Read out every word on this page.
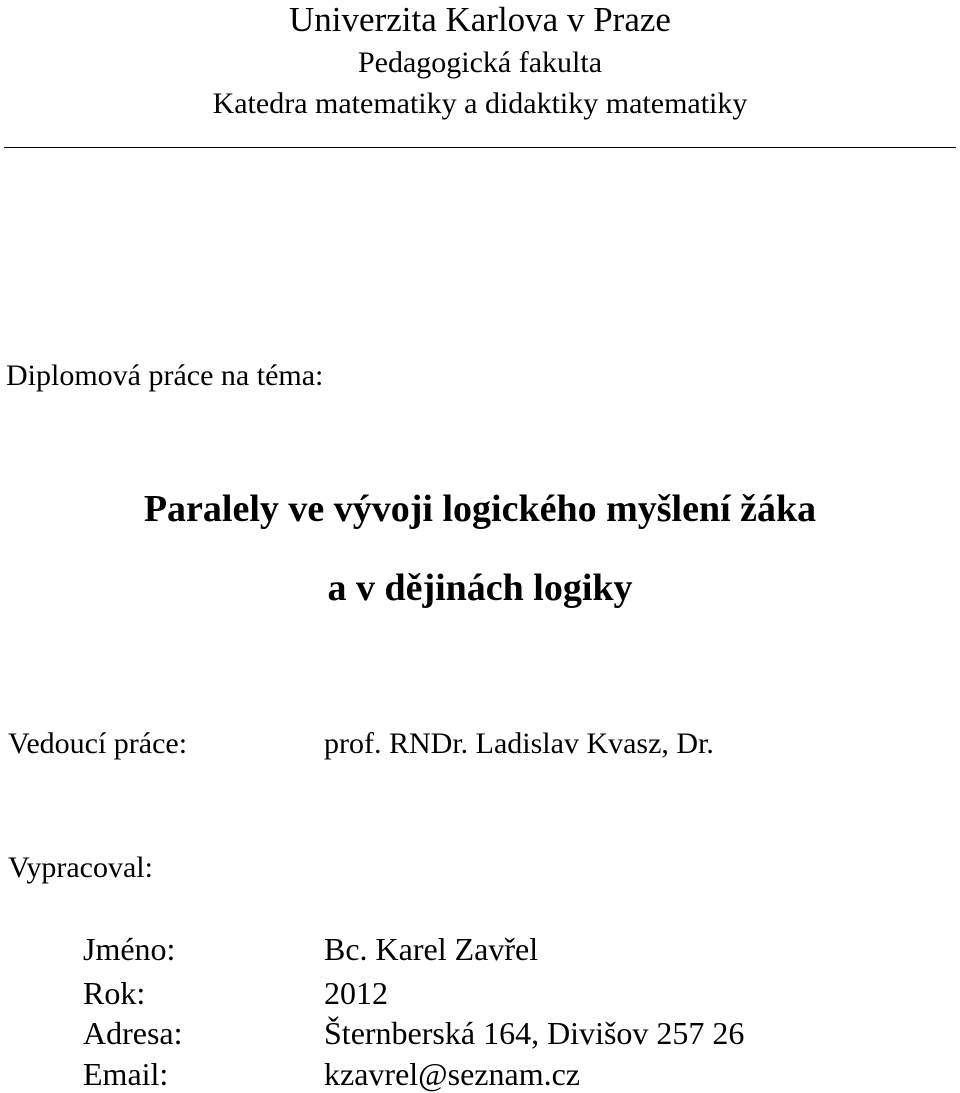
Univerzita Karlova v Praze
Pedagogická fakulta
Katedra matematiky a didaktiky matematiky
Diplomová práce na téma:
Paralely ve vývoji logického myšlení žáka
a v dějinách logiky
Vedoucí práce:	prof. RNDr. Ladislav Kvasz, Dr.
Vypracoval:
Jméno:	Bc. Karel Zavřel
Rok:	2012
Adresa:	Šternberská 164, Divišov 257 26
Email:	kzavrel@seznam.cz
